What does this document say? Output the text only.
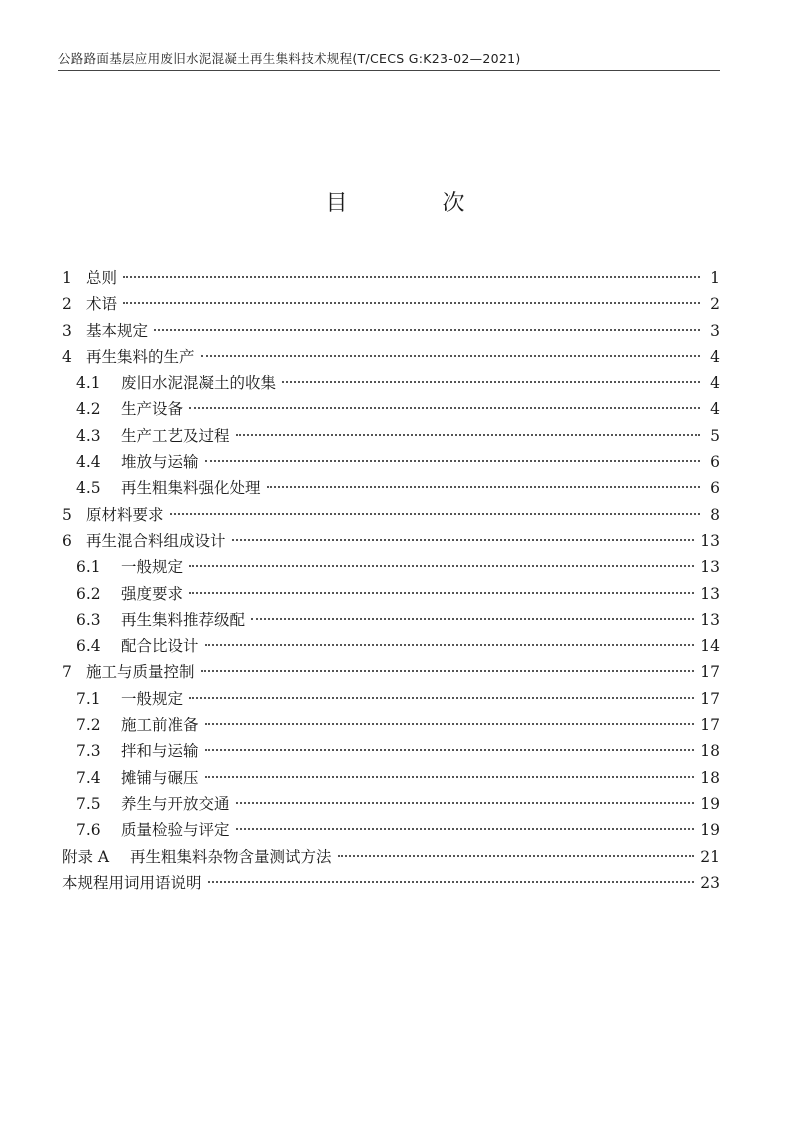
公路路面基层应用废旧水泥混凝土再生集料技术规程(T/CECS G:K23-02—2021)
目 次
1 总则	1
2 术语	2
3 基本规定	3
4 再生集料的生产	4
4.1	废旧水泥混凝土的收集	4
4.2	生产设备	4
4.3	生产工艺及过程	5
4.4	堆放与运输	6
4.5	再生粗集料强化处理	6
5 原材料要求	8
6 再生混合料组成设计	13
6.1	一般规定	13
6.2	强度要求	13
6.3	再生集料推荐级配	13
6.4	配合比设计	14
7 施工与质量控制	17
7.1	一般规定	17
7.2	施工前准备	17
7.3	拌和与运输	18
7.4	摊铺与碾压	18
7.5	养生与开放交通	19
7.6	质量检验与评定	19
附录 A	再生粗集料杂物含量测试方法	21
本规程用词用语说明	23
